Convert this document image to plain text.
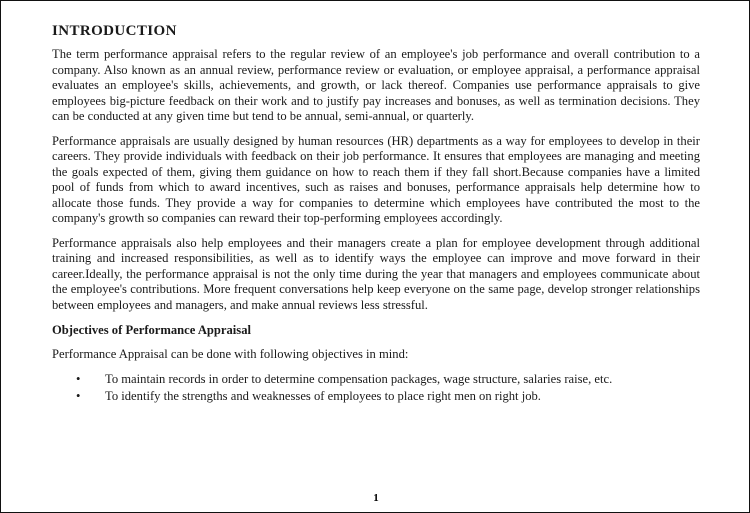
INTRODUCTION

The term performance appraisal refers to the regular review of an employee's job performance and overall contribution to a company. Also known as an annual review, performance review or evaluation, or employee appraisal, a performance appraisal evaluates an employee's skills, achievements, and growth, or lack thereof. Companies use performance appraisals to give employees big-picture feedback on their work and to justify pay increases and bonuses, as well as termination decisions. They can be conducted at any given time but tend to be annual, semi-annual, or quarterly.

Performance appraisals are usually designed by human resources (HR) departments as a way for employees to develop in their careers. They provide individuals with feedback on their job performance. It ensures that employees are managing and meeting the goals expected of them, giving them guidance on how to reach them if they fall short.Because companies have a limited pool of funds from which to award incentives, such as raises and bonuses, performance appraisals help determine how to allocate those funds. They provide a way for companies to determine which employees have contributed the most to the company's growth so companies can reward their top-performing employees accordingly.

Performance appraisals also help employees and their managers create a plan for employee development through additional training and increased responsibilities, as well as to identify ways the employee can improve and move forward in their career.Ideally, the performance appraisal is not the only time during the year that managers and employees communicate about the employee's contributions. More frequent conversations help keep everyone on the same page, develop stronger relationships between employees and managers, and make annual reviews less stressful.

Objectives of Performance Appraisal

Performance Appraisal can be done with following objectives in mind:

• To maintain records in order to determine compensation packages, wage structure, salaries raise, etc.
• To identify the strengths and weaknesses of employees to place right men on right job.
1
